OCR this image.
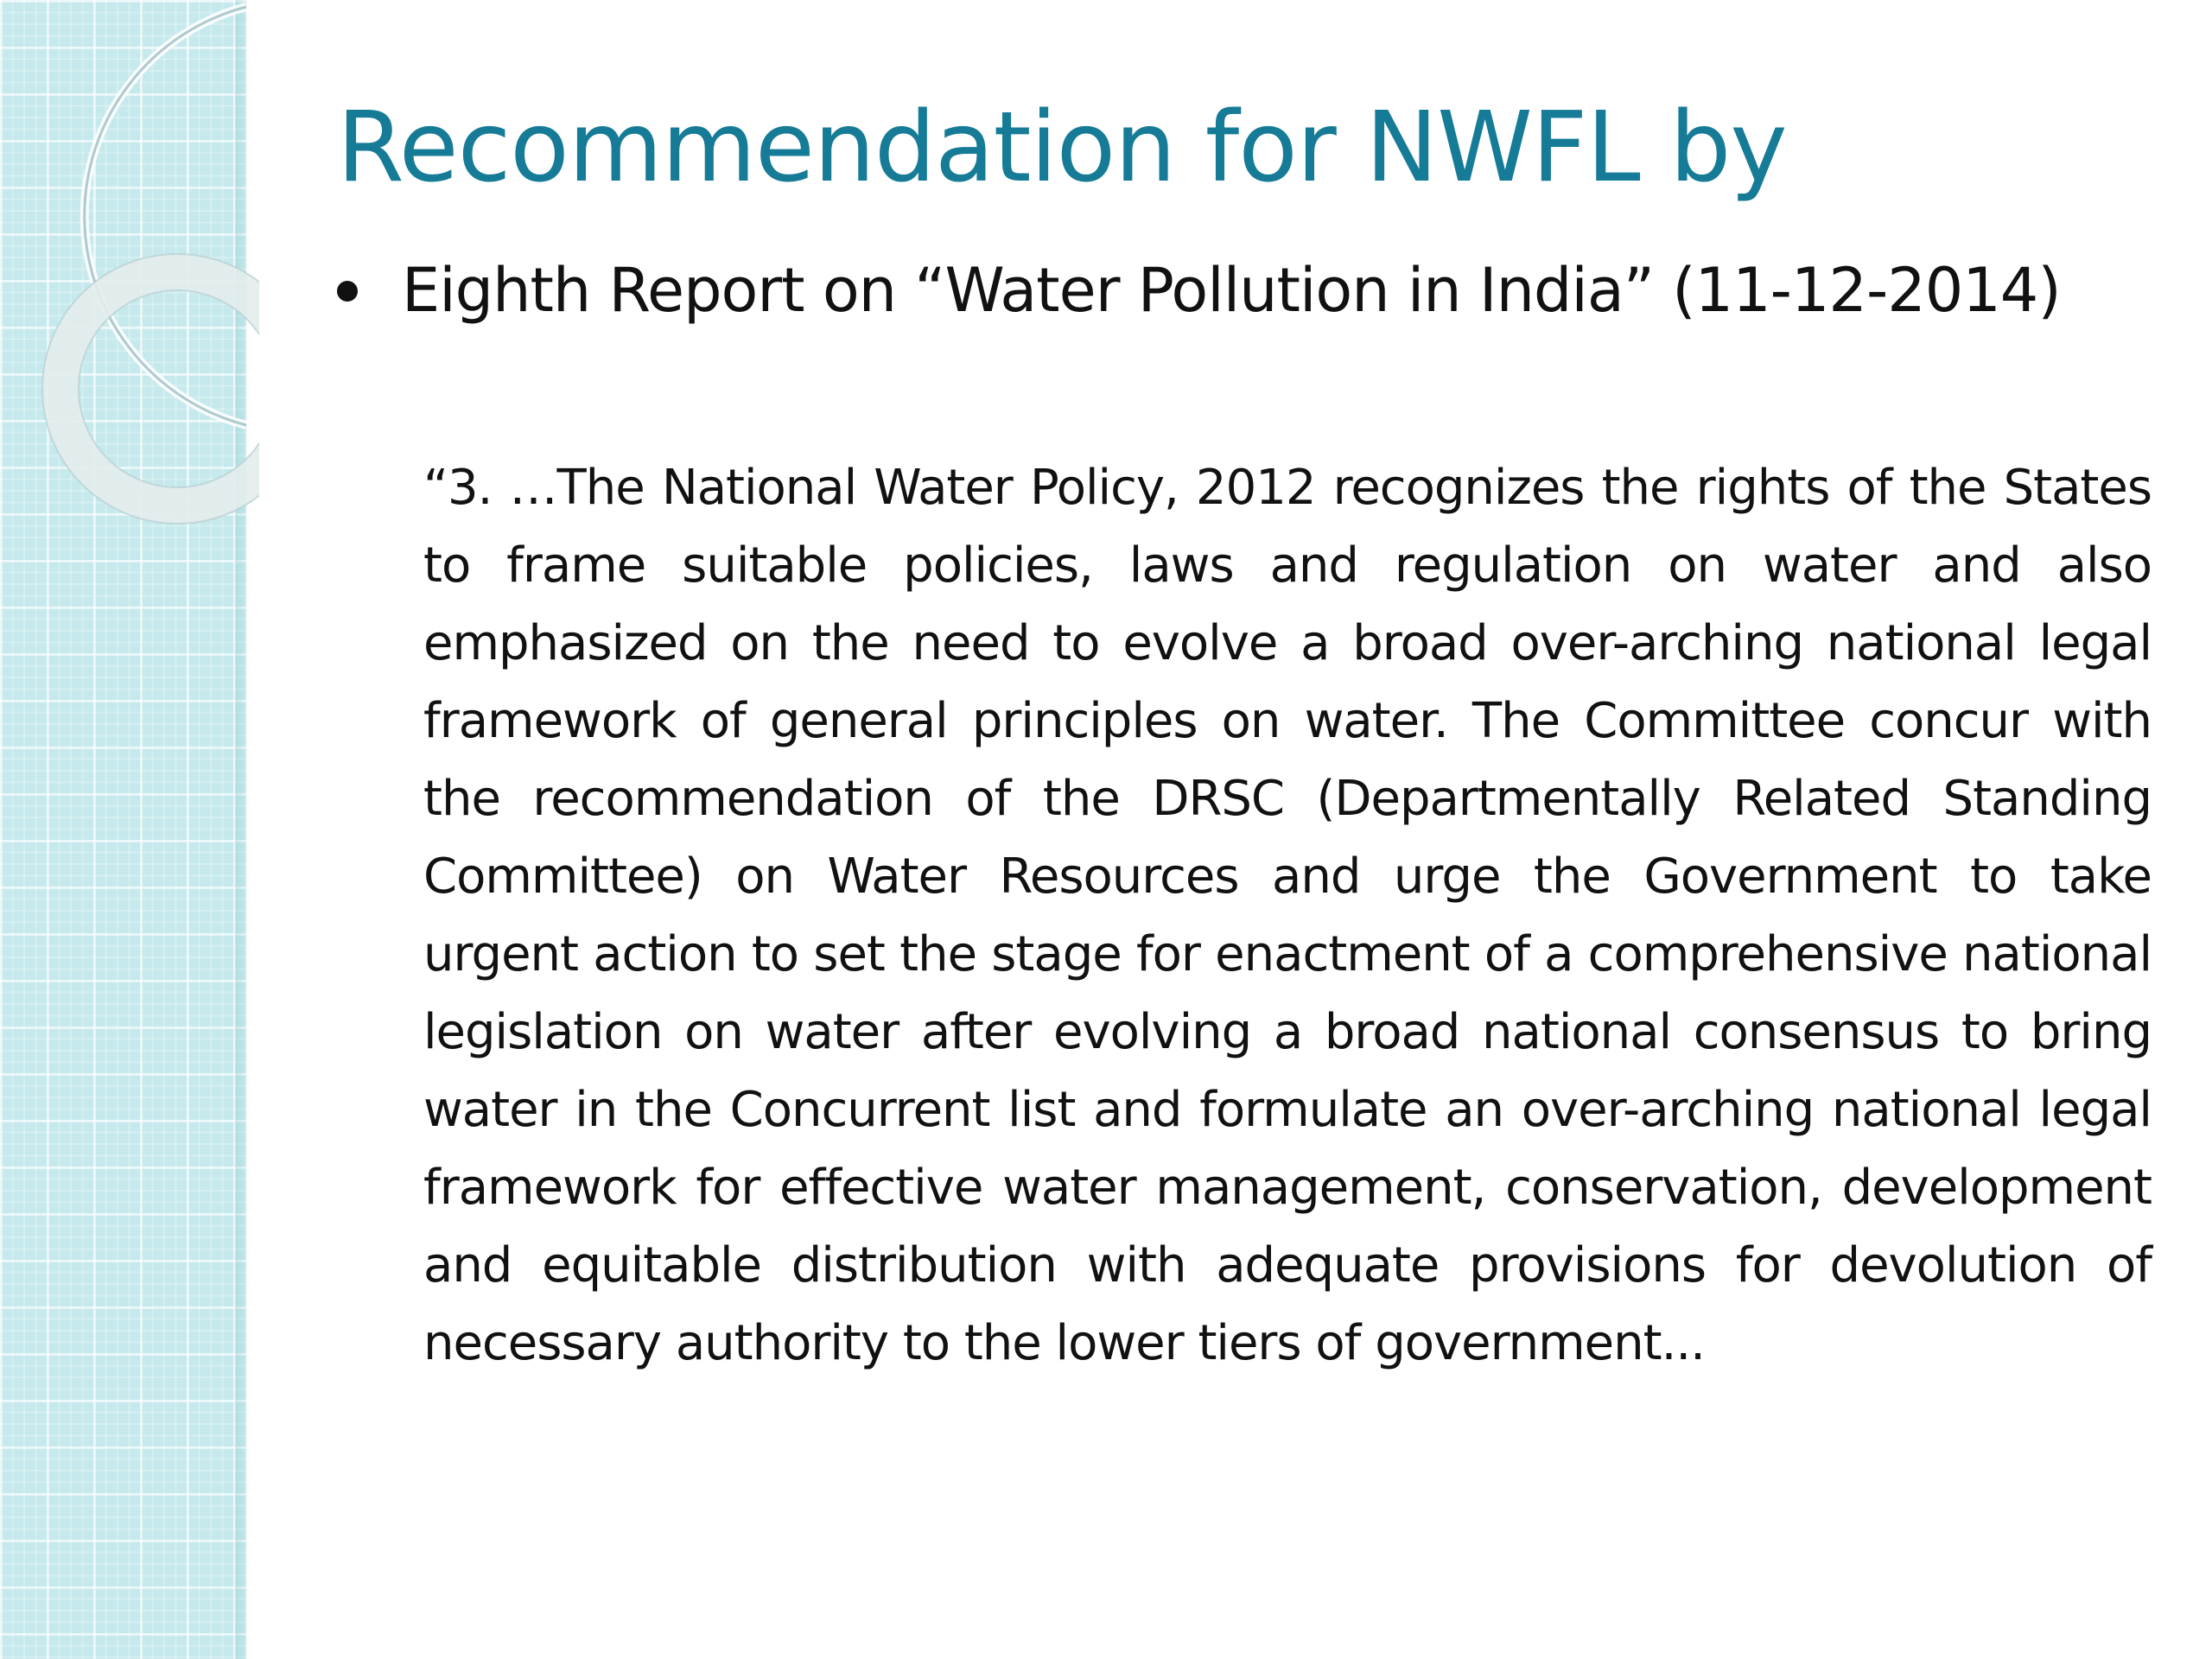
Recommendation for NWFL by
Eighth Report on “Water Pollution in India” (11-12-2014)

“3. …The National Water Policy, 2012 recognizes the rights of the States to frame suitable policies, laws and regulation on water and also emphasized on the need to evolve a broad over-arching national legal framework of general principles on water. The Committee concur with the recommendation of the DRSC (Departmentally Related Standing Committee) on Water Resources and urge the Government to take urgent action to set the stage for enactment of a comprehensive national legislation on water after evolving a broad national consensus to bring water in the Concurrent list and formulate an over-arching national legal framework for effective water management, conservation, development and equitable distribution with adequate provisions for devolution of necessary authority to the lower tiers of government...
